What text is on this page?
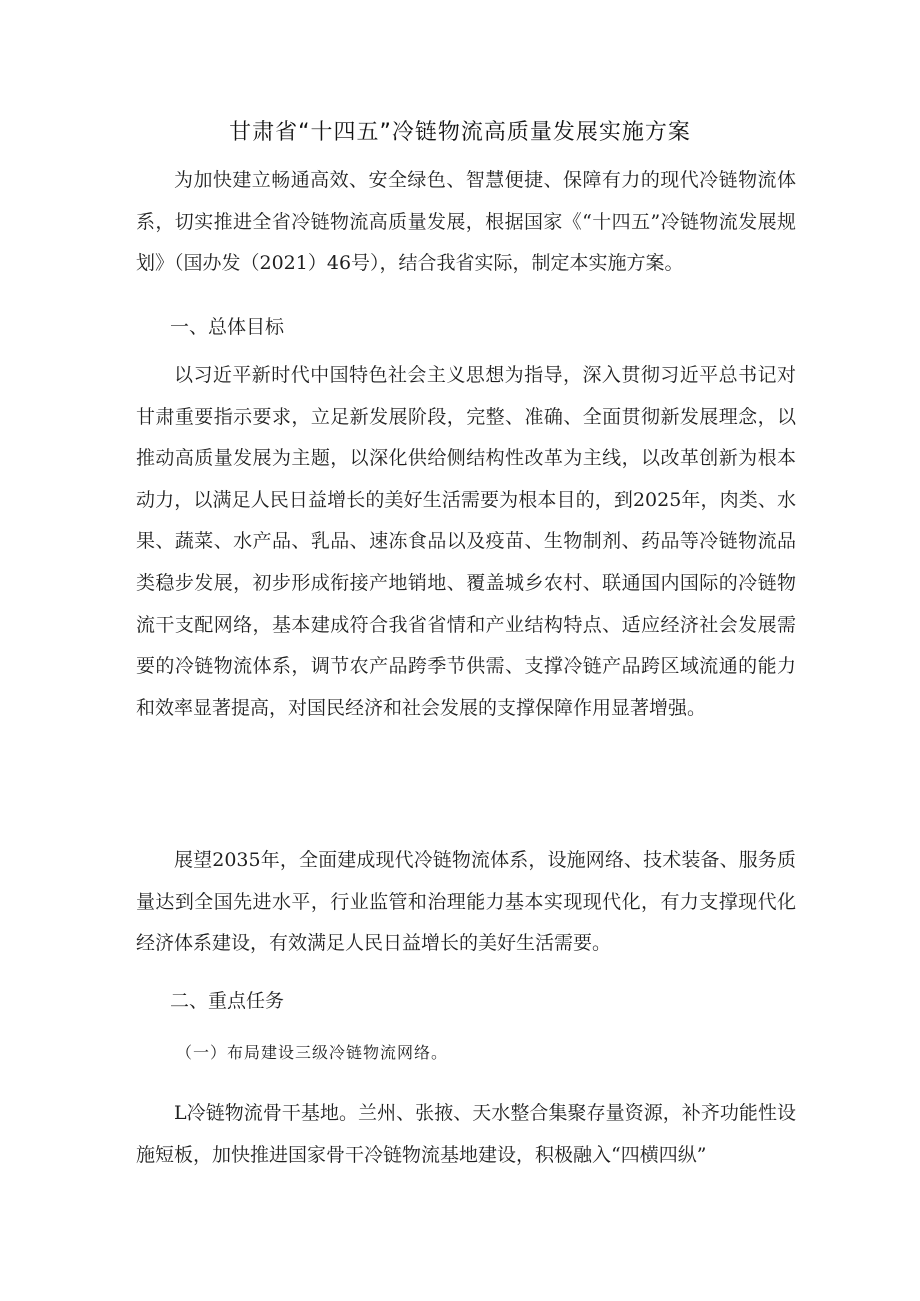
甘肃省“十四五”冷链物流高质量发展实施方案
为加快建立畅通高效、安全绿色、智慧便捷、保障有力的现代冷链物流体系，切实推进全省冷链物流高质量发展，根据国家《“十四五”冷链物流发展规划》（国办发（2021）46号），结合我省实际，制定本实施方案。
一、总体目标
以习近平新时代中国特色社会主义思想为指导，深入贯彻习近平总书记对甘肃重要指示要求，立足新发展阶段，完整、准确、全面贯彻新发展理念，以推动高质量发展为主题，以深化供给侧结构性改革为主线，以改革创新为根本动力，以满足人民日益增长的美好生活需要为根本目的，到2025年，肉类、水果、蔬菜、水产品、乳品、速冻食品以及疫苗、生物制剂、药品等冷链物流品类稳步发展，初步形成衔接产地销地、覆盖城乡农村、联通国内国际的冷链物流干支配网络，基本建成符合我省省情和产业结构特点、适应经济社会发展需要的冷链物流体系，调节农产品跨季节供需、支撑冷链产品跨区域流通的能力和效率显著提高，对国民经济和社会发展的支撑保障作用显著增强。
展望2035年，全面建成现代冷链物流体系，设施网络、技术装备、服务质量达到全国先进水平，行业监管和治理能力基本实现现代化，有力支撑现代化经济体系建设，有效满足人民日益增长的美好生活需要。
二、重点任务
（一）布局建设三级冷链物流网络。
L冷链物流骨干基地。兰州、张掖、天水整合集聚存量资源，补齐功能性设施短板，加快推进国家骨干冷链物流基地建设，积极融入“四横四纵”
